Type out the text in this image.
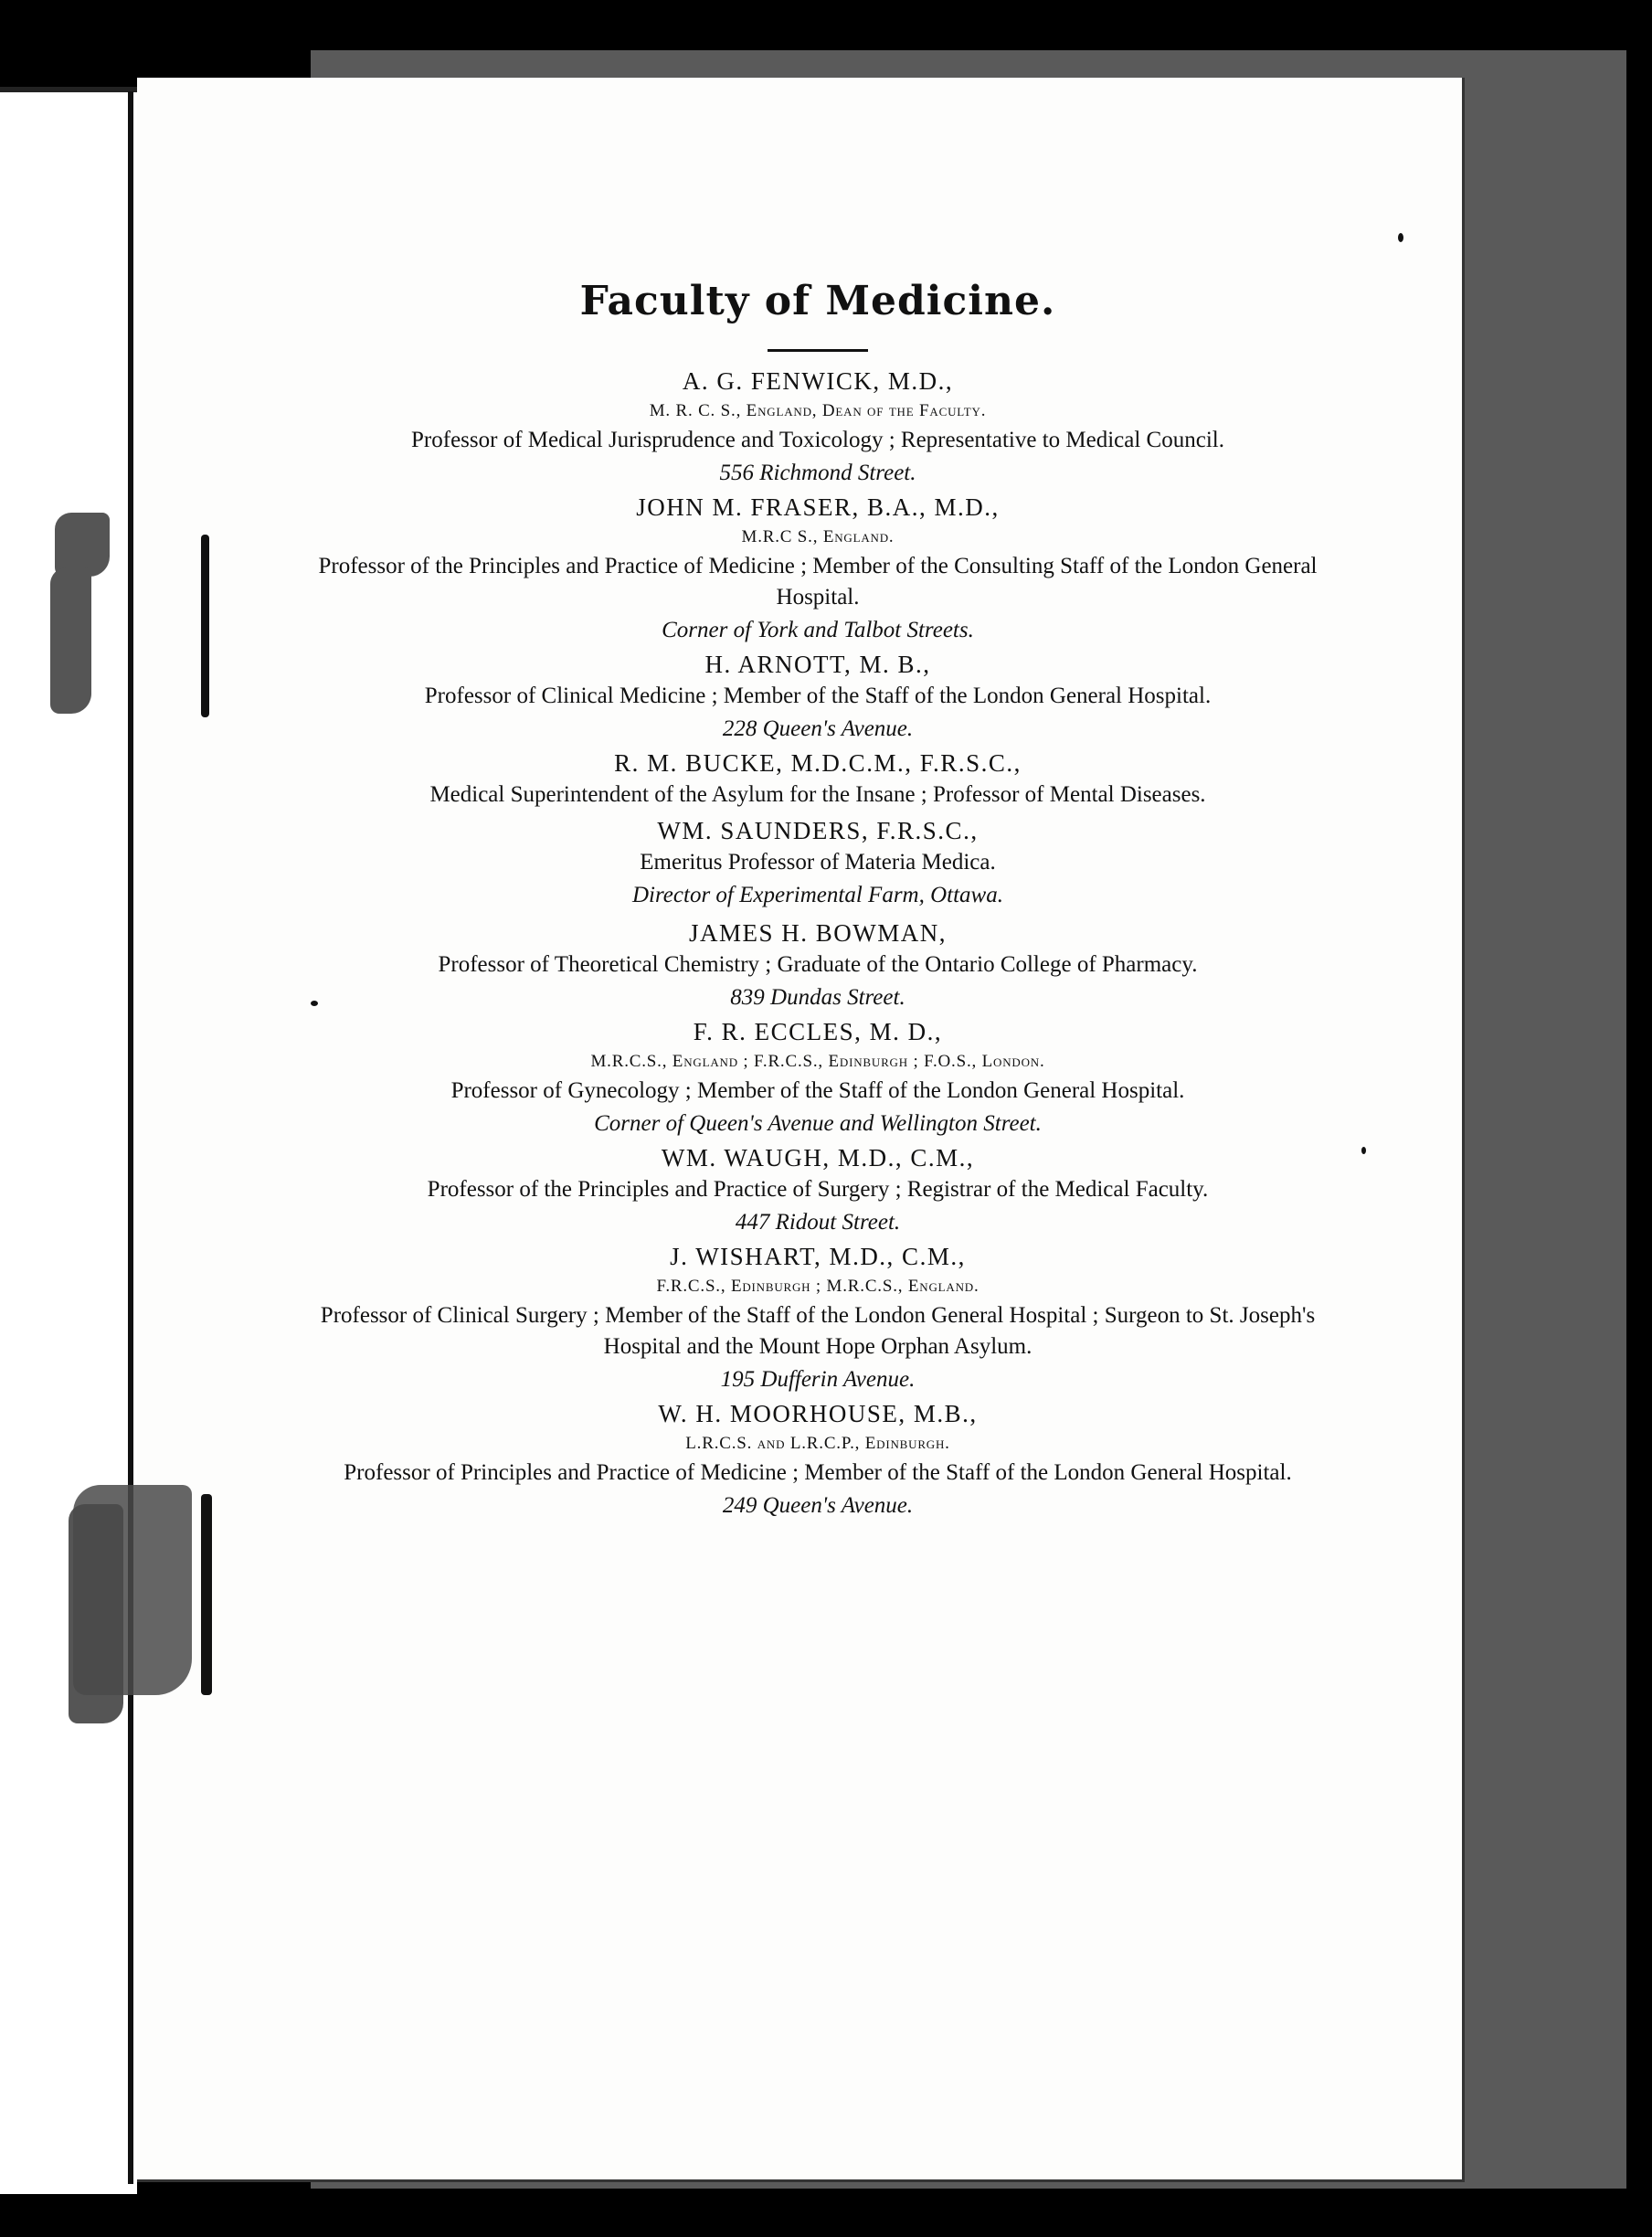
Faculty of Medicine.
A. G. FENWICK, M.D.,
M. R. C. S., England, Dean of the Faculty.
Professor of Medical Jurisprudence and Toxicology ; Representative to Medical Council.
556 Richmond Street.
JOHN M. FRASER, B.A., M.D.,
M.R.C S., England.
Professor of the Principles and Practice of Medicine ; Member of the Consulting Staff of the London General Hospital.
Corner of York and Talbot Streets.
H. ARNOTT, M. B.,
Professor of Clinical Medicine ; Member of the Staff of the London General Hospital.
228 Queen's Avenue.
R. M. BUCKE, M.D.C.M., F.R.S.C.,
Medical Superintendent of the Asylum for the Insane ; Professor of Mental Diseases.
WM. SAUNDERS, F.R.S.C.,
Emeritus Professor of Materia Medica.
Director of Experimental Farm, Ottawa.
JAMES H. BOWMAN,
Professor of Theoretical Chemistry ; Graduate of the Ontario College of Pharmacy.
839 Dundas Street.
F. R. ECCLES, M. D.,
M.R.C.S., England ; F.R.C.S., Edinburgh ; F.O.S., London.
Professor of Gynecology ; Member of the Staff of the London General Hospital.
Corner of Queen's Avenue and Wellington Street.
WM. WAUGH, M.D., C.M.,
Professor of the Principles and Practice of Surgery ; Registrar of the Medical Faculty.
447 Ridout Street.
J. WISHART, M.D., C.M.,
F.R.C.S., Edinburgh ; M.R.C.S., England.
Professor of Clinical Surgery ; Member of the Staff of the London General Hospital ; Surgeon to St. Joseph's Hospital and the Mount Hope Orphan Asylum.
195 Dufferin Avenue.
W. H. MOORHOUSE, M.B.,
L.R.C.S. and L.R.C.P., Edinburgh.
Professor of Principles and Practice of Medicine ; Member of the Staff of the London General Hospital.
249 Queen's Avenue.
